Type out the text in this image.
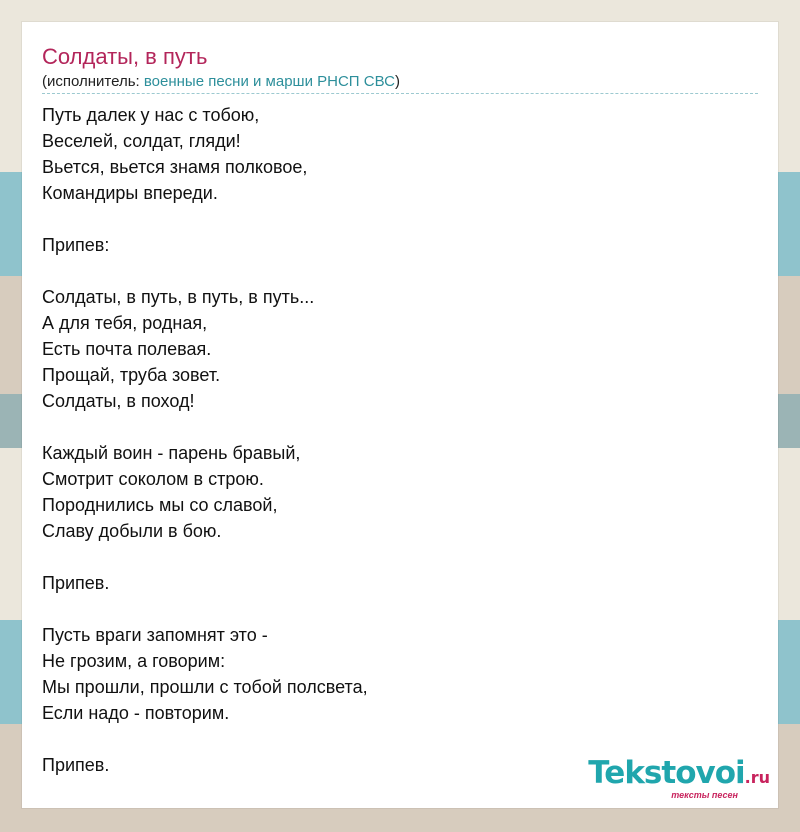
Солдаты, в путь
(исполнитель: военные песни и марши РНСП СВС)
Путь далек у нас с тобою,
Веселей, солдат, гляди!
Вьется, вьется знамя полковое,
Командиры впереди.
Припев:
Солдаты, в путь, в путь, в путь...
А для тебя, родная,
Есть почта полевая.
Прощай, труба зовет.
Солдаты, в поход!
Каждый воин - парень бравый,
Смотрит соколом в строю.
Породнились мы со славой,
Славу добыли в бою.
Припев.
Пусть враги запомнят это -
Не грозим, а говорим:
Мы прошли, прошли с тобой полсвета,
Если надо - повторим.
Припев.	Tekstovoi.ru
тексты песен
